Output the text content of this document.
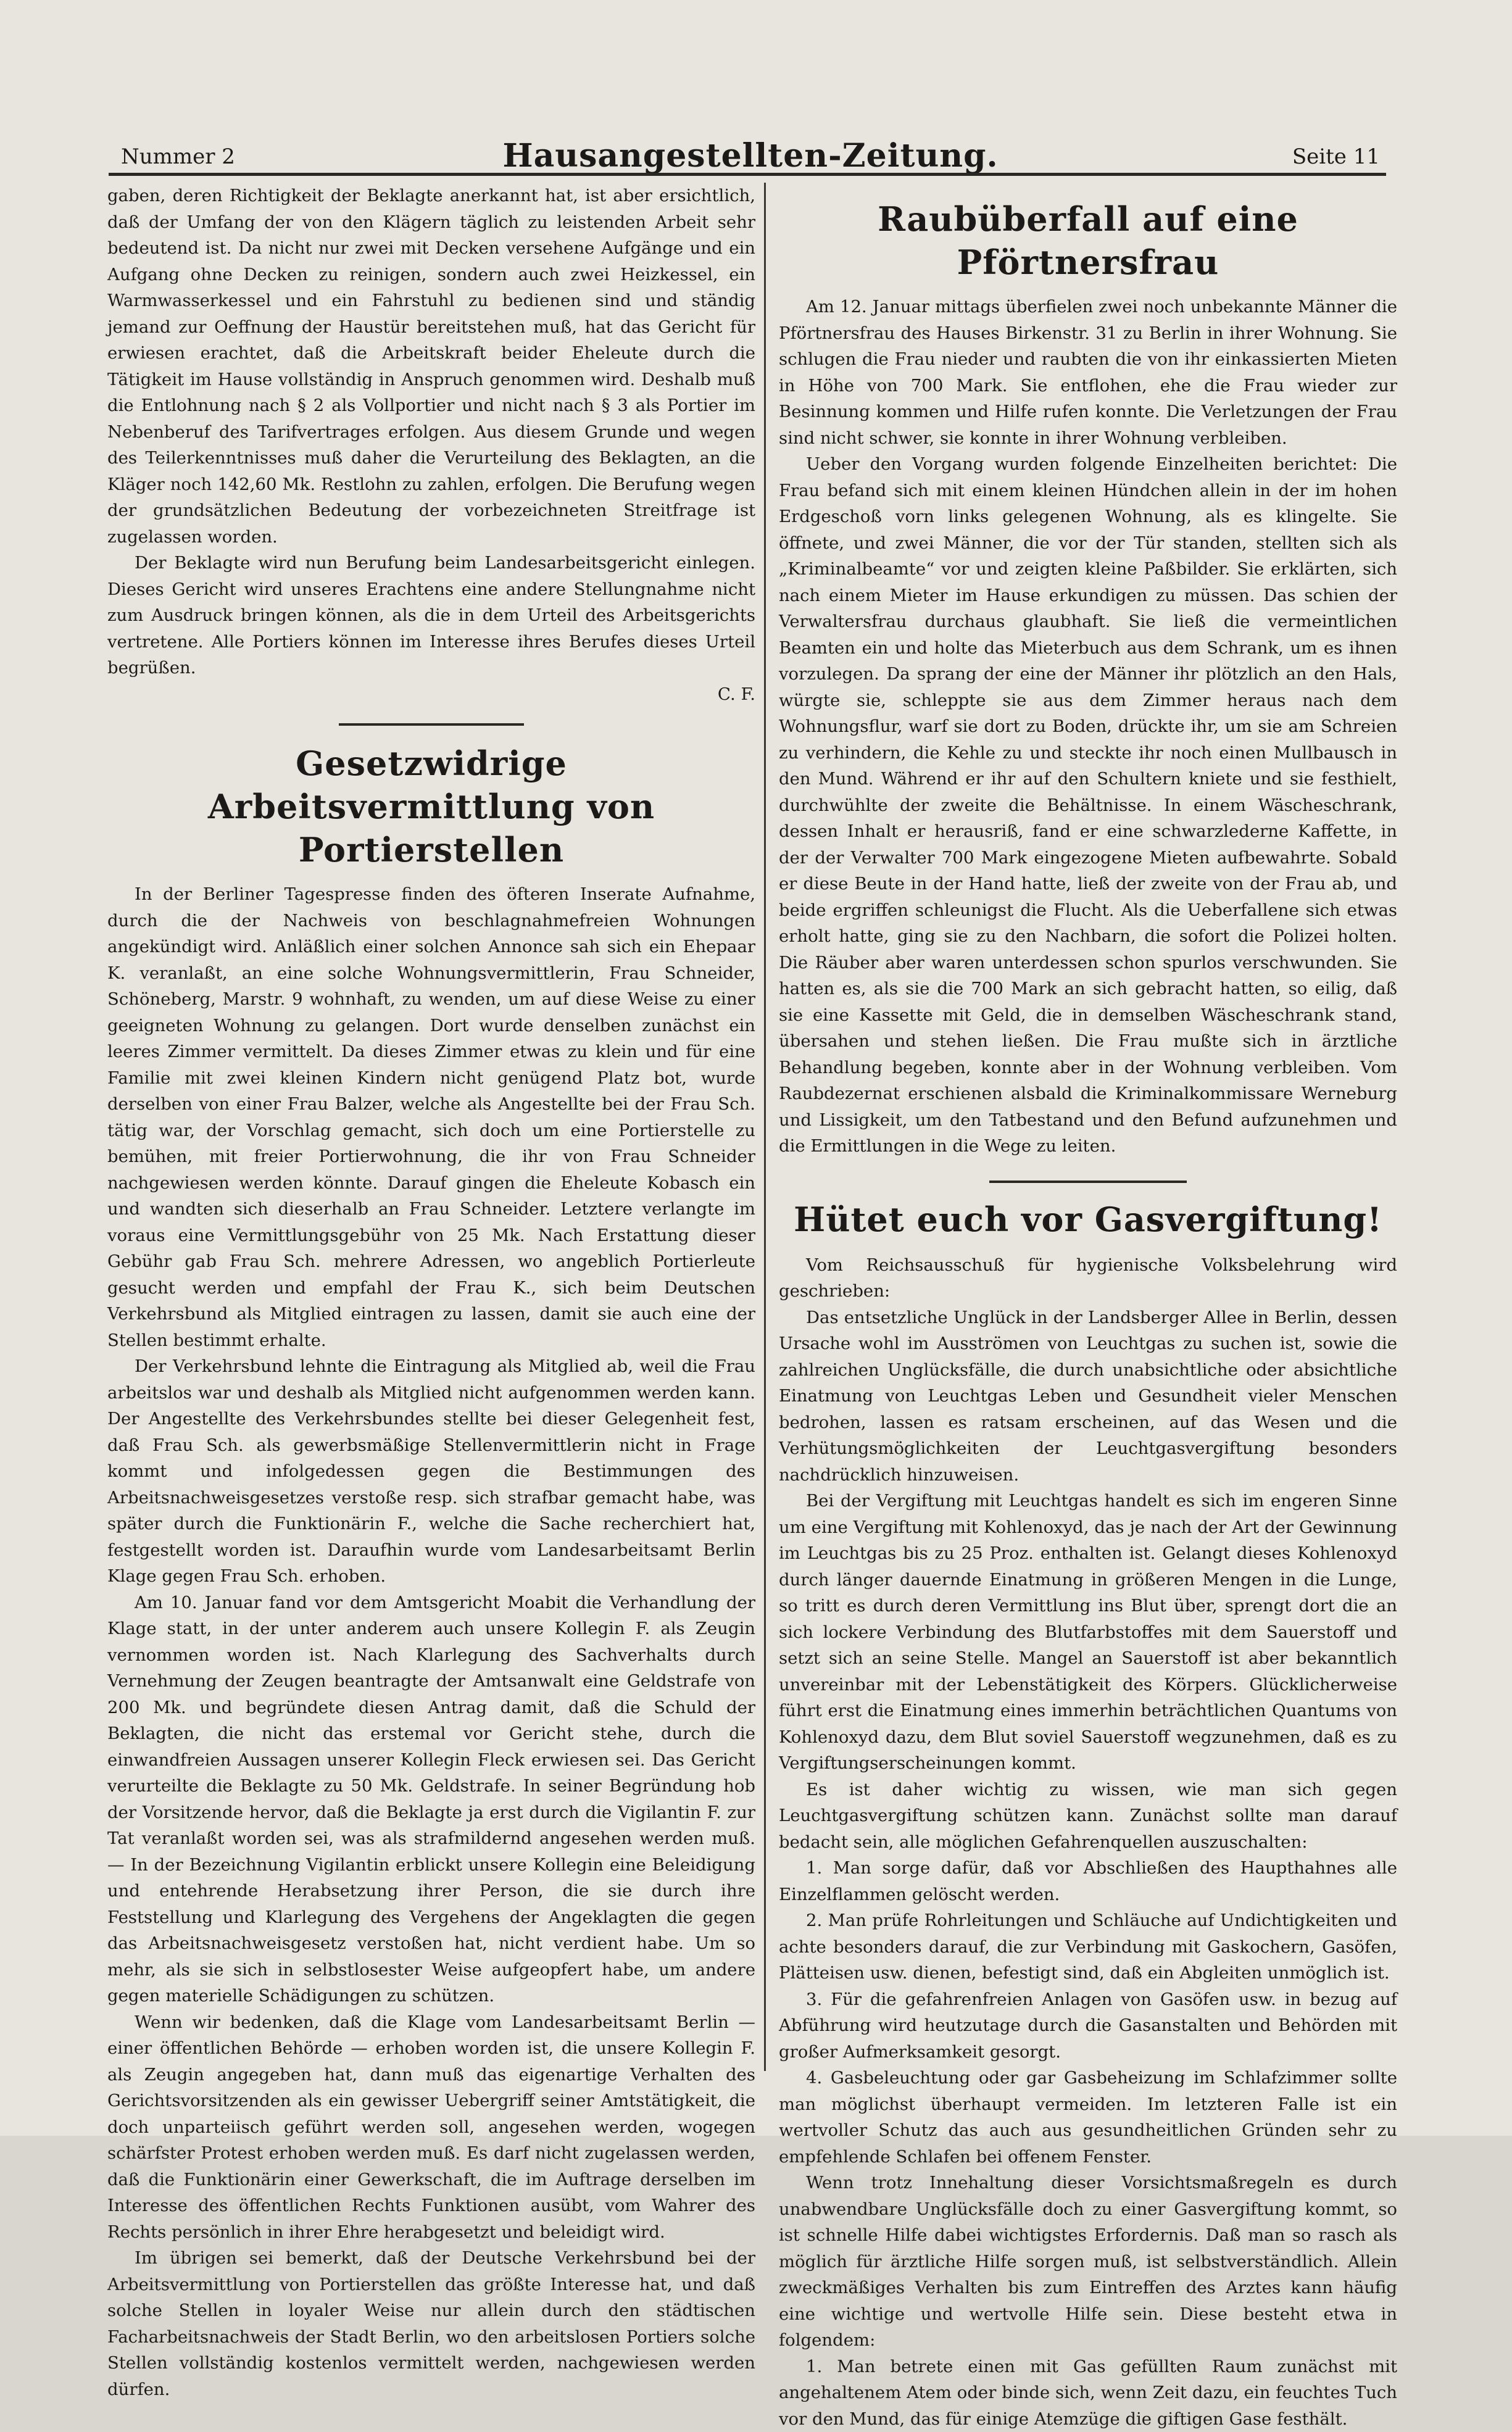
Nummer 2	Hausangestellten-Zeitung.	Seite 11

gaben, deren Richtigkeit der Beklagte anerkannt hat, ist aber ersichtlich, daß der Umfang der von den Klägern täglich zu leistenden Arbeit sehr bedeutend ist. Da nicht nur zwei mit Decken versehene Aufgänge und ein Aufgang ohne Decken zu reinigen, sondern auch zwei Heizkessel, ein Warmwasserkessel und ein Fahrstuhl zu bedienen sind und ständig jemand zur Oeffnung der Haustür bereitstehen muß, hat das Gericht für erwiesen erachtet, daß die Arbeitskraft beider Eheleute durch die Tätigkeit im Hause vollständig in Anspruch genommen wird. Deshalb muß die Entlohnung nach § 2 als Vollportier und nicht nach § 3 als Portier im Nebenberuf des Tarifvertrages erfolgen. Aus diesem Grunde und wegen des Teilerkenntnisses muß daher die Verurteilung des Beklagten, an die Kläger noch 142,60 Mk. Restlohn zu zahlen, erfolgen. Die Berufung wegen der grundsätzlichen Bedeutung der vorbezeichneten Streitfrage ist zugelassen worden.

Der Beklagte wird nun Berufung beim Landesarbeitsgericht einlegen. Dieses Gericht wird unseres Erachtens eine andere Stellungnahme nicht zum Ausdruck bringen können, als die in dem Urteil des Arbeitsgerichts vertretene. Alle Portiers können im Interesse ihres Berufes dieses Urteil begrüßen.

C. F.
Gesetzwidrige Arbeitsvermittlung von Portierstellen

In der Berliner Tagespresse finden des öfteren Inserate Aufnahme, durch die der Nachweis von beschlagnahmefreien Wohnungen angekündigt wird. Anläßlich einer solchen Annonce sah sich ein Ehepaar K. veranlaßt, an eine solche Wohnungsvermittlerin, Frau Schneider, Schöneberg, Marstr. 9 wohnhaft, zu wenden, um auf diese Weise zu einer geeigneten Wohnung zu gelangen. Dort wurde denselben zunächst ein leeres Zimmer vermittelt. Da dieses Zimmer etwas zu klein und für eine Familie mit zwei kleinen Kindern nicht genügend Platz bot, wurde derselben von einer Frau Balzer, welche als Angestellte bei der Frau Sch. tätig war, der Vorschlag gemacht, sich doch um eine Portierstelle zu bemühen, mit freier Portierwohnung, die ihr von Frau Schneider nachgewiesen werden könnte. Darauf gingen die Eheleute Kobasch ein und wandten sich dieserhalb an Frau Schneider. Letztere verlangte im voraus eine Vermittlungsgebühr von 25 Mk. Nach Erstattung dieser Gebühr gab Frau Sch. mehrere Adressen, wo angeblich Portierleute gesucht werden und empfahl der Frau K., sich beim Deutschen Verkehrsbund als Mitglied eintragen zu lassen, damit sie auch eine der Stellen bestimmt erhalte.

Der Verkehrsbund lehnte die Eintragung als Mitglied ab, weil die Frau arbeitslos war und deshalb als Mitglied nicht aufgenommen werden kann. Der Angestellte des Verkehrsbundes stellte bei dieser Gelegenheit fest, daß Frau Sch. als gewerbsmäßige Stellenvermittlerin nicht in Frage kommt und infolgedessen gegen die Bestimmungen des Arbeitsnachweisgesetzes verstoße resp. sich strafbar gemacht habe, was später durch die Funktionärin F., welche die Sache recherchiert hat, festgestellt worden ist. Daraufhin wurde vom Landesarbeitsamt Berlin Klage gegen Frau Sch. erhoben.

Am 10. Januar fand vor dem Amtsgericht Moabit die Verhandlung der Klage statt, in der unter anderem auch unsere Kollegin F. als Zeugin vernommen worden ist. Nach Klarlegung des Sachverhalts durch Vernehmung der Zeugen beantragte der Amtsanwalt eine Geldstrafe von 200 Mk. und begründete diesen Antrag damit, daß die Schuld der Beklagten, die nicht das erstemal vor Gericht stehe, durch die einwandfreien Aussagen unserer Kollegin Fleck erwiesen sei. Das Gericht verurteilte die Beklagte zu 50 Mk. Geldstrafe. In seiner Begründung hob der Vorsitzende hervor, daß die Beklagte ja erst durch die Vigilantin F. zur Tat veranlaßt worden sei, was als strafmildernd angesehen werden muß. — In der Bezeichnung Vigilantin erblickt unsere Kollegin eine Beleidigung und entehrende Herabsetzung ihrer Person, die sie durch ihre Feststellung und Klarlegung des Vergehens der Angeklagten die gegen das Arbeitsnachweisgesetz verstoßen hat, nicht verdient habe. Um so mehr, als sie sich in selbstlosester Weise aufgeopfert habe, um andere gegen materielle Schädigungen zu schützen.

Wenn wir bedenken, daß die Klage vom Landesarbeitsamt Berlin — einer öffentlichen Behörde — erhoben worden ist, die unsere Kollegin F. als Zeugin angegeben hat, dann muß das eigenartige Verhalten des Gerichtsvorsitzenden als ein gewisser Uebergriff seiner Amtstätigkeit, die doch unparteiisch geführt werden soll, angesehen werden, wogegen schärfster Protest erhoben werden muß. Es darf nicht zugelassen werden, daß die Funktionärin einer Gewerkschaft, die im Auftrage derselben im Interesse des öffentlichen Rechts Funktionen ausübt, vom Wahrer des Rechts persönlich in ihrer Ehre herabgesetzt und beleidigt wird.

Im übrigen sei bemerkt, daß der Deutsche Verkehrsbund bei der Arbeitsvermittlung von Portierstellen das größte Interesse hat, und daß solche Stellen in loyaler Weise nur allein durch den städtischen Facharbeitsnachweis der Stadt Berlin, wo den arbeitslosen Portiers solche Stellen vollständig kostenlos vermittelt werden, nachgewiesen werden dürfen.

Raubüberfall auf eine Pförtnersfrau

Am 12. Januar mittags überfielen zwei noch unbekannte Männer die Pförtnersfrau des Hauses Birkenstr. 31 zu Berlin in ihrer Wohnung. Sie schlugen die Frau nieder und raubten die von ihr einkassierten Mieten in Höhe von 700 Mark. Sie entflohen, ehe die Frau wieder zur Besinnung kommen und Hilfe rufen konnte. Die Verletzungen der Frau sind nicht schwer, sie konnte in ihrer Wohnung verbleiben.

Ueber den Vorgang wurden folgende Einzelheiten berichtet: Die Frau befand sich mit einem kleinen Hündchen allein in der im hohen Erdgeschoß vorn links gelegenen Wohnung, als es klingelte. Sie öffnete, und zwei Männer, die vor der Tür standen, stellten sich als „Kriminalbeamte“ vor und zeigten kleine Paßbilder. Sie erklärten, sich nach einem Mieter im Hause erkundigen zu müssen. Das schien der Verwaltersfrau durchaus glaubhaft. Sie ließ die vermeintlichen Beamten ein und holte das Mieterbuch aus dem Schrank, um es ihnen vorzulegen. Da sprang der eine der Männer ihr plötzlich an den Hals, würgte sie, schleppte sie aus dem Zimmer heraus nach dem Wohnungsflur, warf sie dort zu Boden, drückte ihr, um sie am Schreien zu verhindern, die Kehle zu und steckte ihr noch einen Mullbausch in den Mund. Während er ihr auf den Schultern kniete und sie festhielt, durchwühlte der zweite die Behältnisse. In einem Wäscheschrank, dessen Inhalt er herausriß, fand er eine schwarzlederne Kaffette, in der der Verwalter 700 Mark eingezogene Mieten aufbewahrte. Sobald er diese Beute in der Hand hatte, ließ der zweite von der Frau ab, und beide ergriffen schleunigst die Flucht. Als die Ueberfallene sich etwas erholt hatte, ging sie zu den Nachbarn, die sofort die Polizei holten. Die Räuber aber waren unterdessen schon spurlos verschwunden. Sie hatten es, als sie die 700 Mark an sich gebracht hatten, so eilig, daß sie eine Kassette mit Geld, die in demselben Wäscheschrank stand, übersahen und stehen ließen. Die Frau mußte sich in ärztliche Behandlung begeben, konnte aber in der Wohnung verbleiben. Vom Raubdezernat erschienen alsbald die Kriminalkommissare Werneburg und Lissigkeit, um den Tatbestand und den Befund aufzunehmen und die Ermittlungen in die Wege zu leiten.

Hütet euch vor Gasvergiftung!

Vom Reichsausschuß für hygienische Volksbelehrung wird geschrieben:

Das entsetzliche Unglück in der Landsberger Allee in Berlin, dessen Ursache wohl im Ausströmen von Leuchtgas zu suchen ist, sowie die zahlreichen Unglücksfälle, die durch unabsichtliche oder absichtliche Einatmung von Leuchtgas Leben und Gesundheit vieler Menschen bedrohen, lassen es ratsam erscheinen, auf das Wesen und die Verhütungsmöglichkeiten der Leuchtgasvergiftung besonders nachdrücklich hinzuweisen.

Bei der Vergiftung mit Leuchtgas handelt es sich im engeren Sinne um eine Vergiftung mit Kohlenoxyd, das je nach der Art der Gewinnung im Leuchtgas bis zu 25 Proz. enthalten ist. Gelangt dieses Kohlenoxyd durch länger dauernde Einatmung in größeren Mengen in die Lunge, so tritt es durch deren Vermittlung ins Blut über, sprengt dort die an sich lockere Verbindung des Blutfarbstoffes mit dem Sauerstoff und setzt sich an seine Stelle. Mangel an Sauerstoff ist aber bekanntlich unvereinbar mit der Lebenstätigkeit des Körpers. Glücklicherweise führt erst die Einatmung eines immerhin beträchtlichen Quantums von Kohlenoxyd dazu, dem Blut soviel Sauerstoff wegzunehmen, daß es zu Vergiftungserscheinungen kommt.

Es ist daher wichtig zu wissen, wie man sich gegen Leuchtgasvergiftung schützen kann. Zunächst sollte man darauf bedacht sein, alle möglichen Gefahrenquellen auszuschalten:

1. Man sorge dafür, daß vor Abschließen des Haupthahnes alle Einzelflammen gelöscht werden.
2. Man prüfe Rohrleitungen und Schläuche auf Undichtigkeiten und achte besonders darauf, die zur Verbindung mit Gaskochern, Gasöfen, Plätteisen usw. dienen, befestigt sind, daß ein Abgleiten unmöglich ist.
3. Für die gefahrenfreien Anlagen von Gasöfen usw. in bezug auf Abführung wird heutzutage durch die Gasanstalten und Behörden mit großer Aufmerksamkeit gesorgt.
4. Gasbeleuchtung oder gar Gasbeheizung im Schlafzimmer sollte man möglichst überhaupt vermeiden. Im letzteren Falle ist ein wertvoller Schutz das auch aus gesundheitlichen Gründen sehr zu empfehlende Schlafen bei offenem Fenster.

Wenn trotz Innehaltung dieser Vorsichtsmaßregeln es durch unabwendbare Unglücksfälle doch zu einer Gasvergiftung kommt, so ist schnelle Hilfe dabei wichtigstes Erfordernis. Daß man so rasch als möglich für ärztliche Hilfe sorgen muß, ist selbstverständlich. Allein zweckmäßiges Verhalten bis zum Eintreffen des Arztes kann häufig eine wichtige und wertvolle Hilfe sein. Diese besteht etwa in folgendem:

1. Man betrete einen mit Gas gefüllten Raum zunächst mit angehaltenem Atem oder binde sich, wenn Zeit dazu, ein feuchtes Tuch vor den Mund, das für einige Atemzüge die giftigen Gase festhält.
